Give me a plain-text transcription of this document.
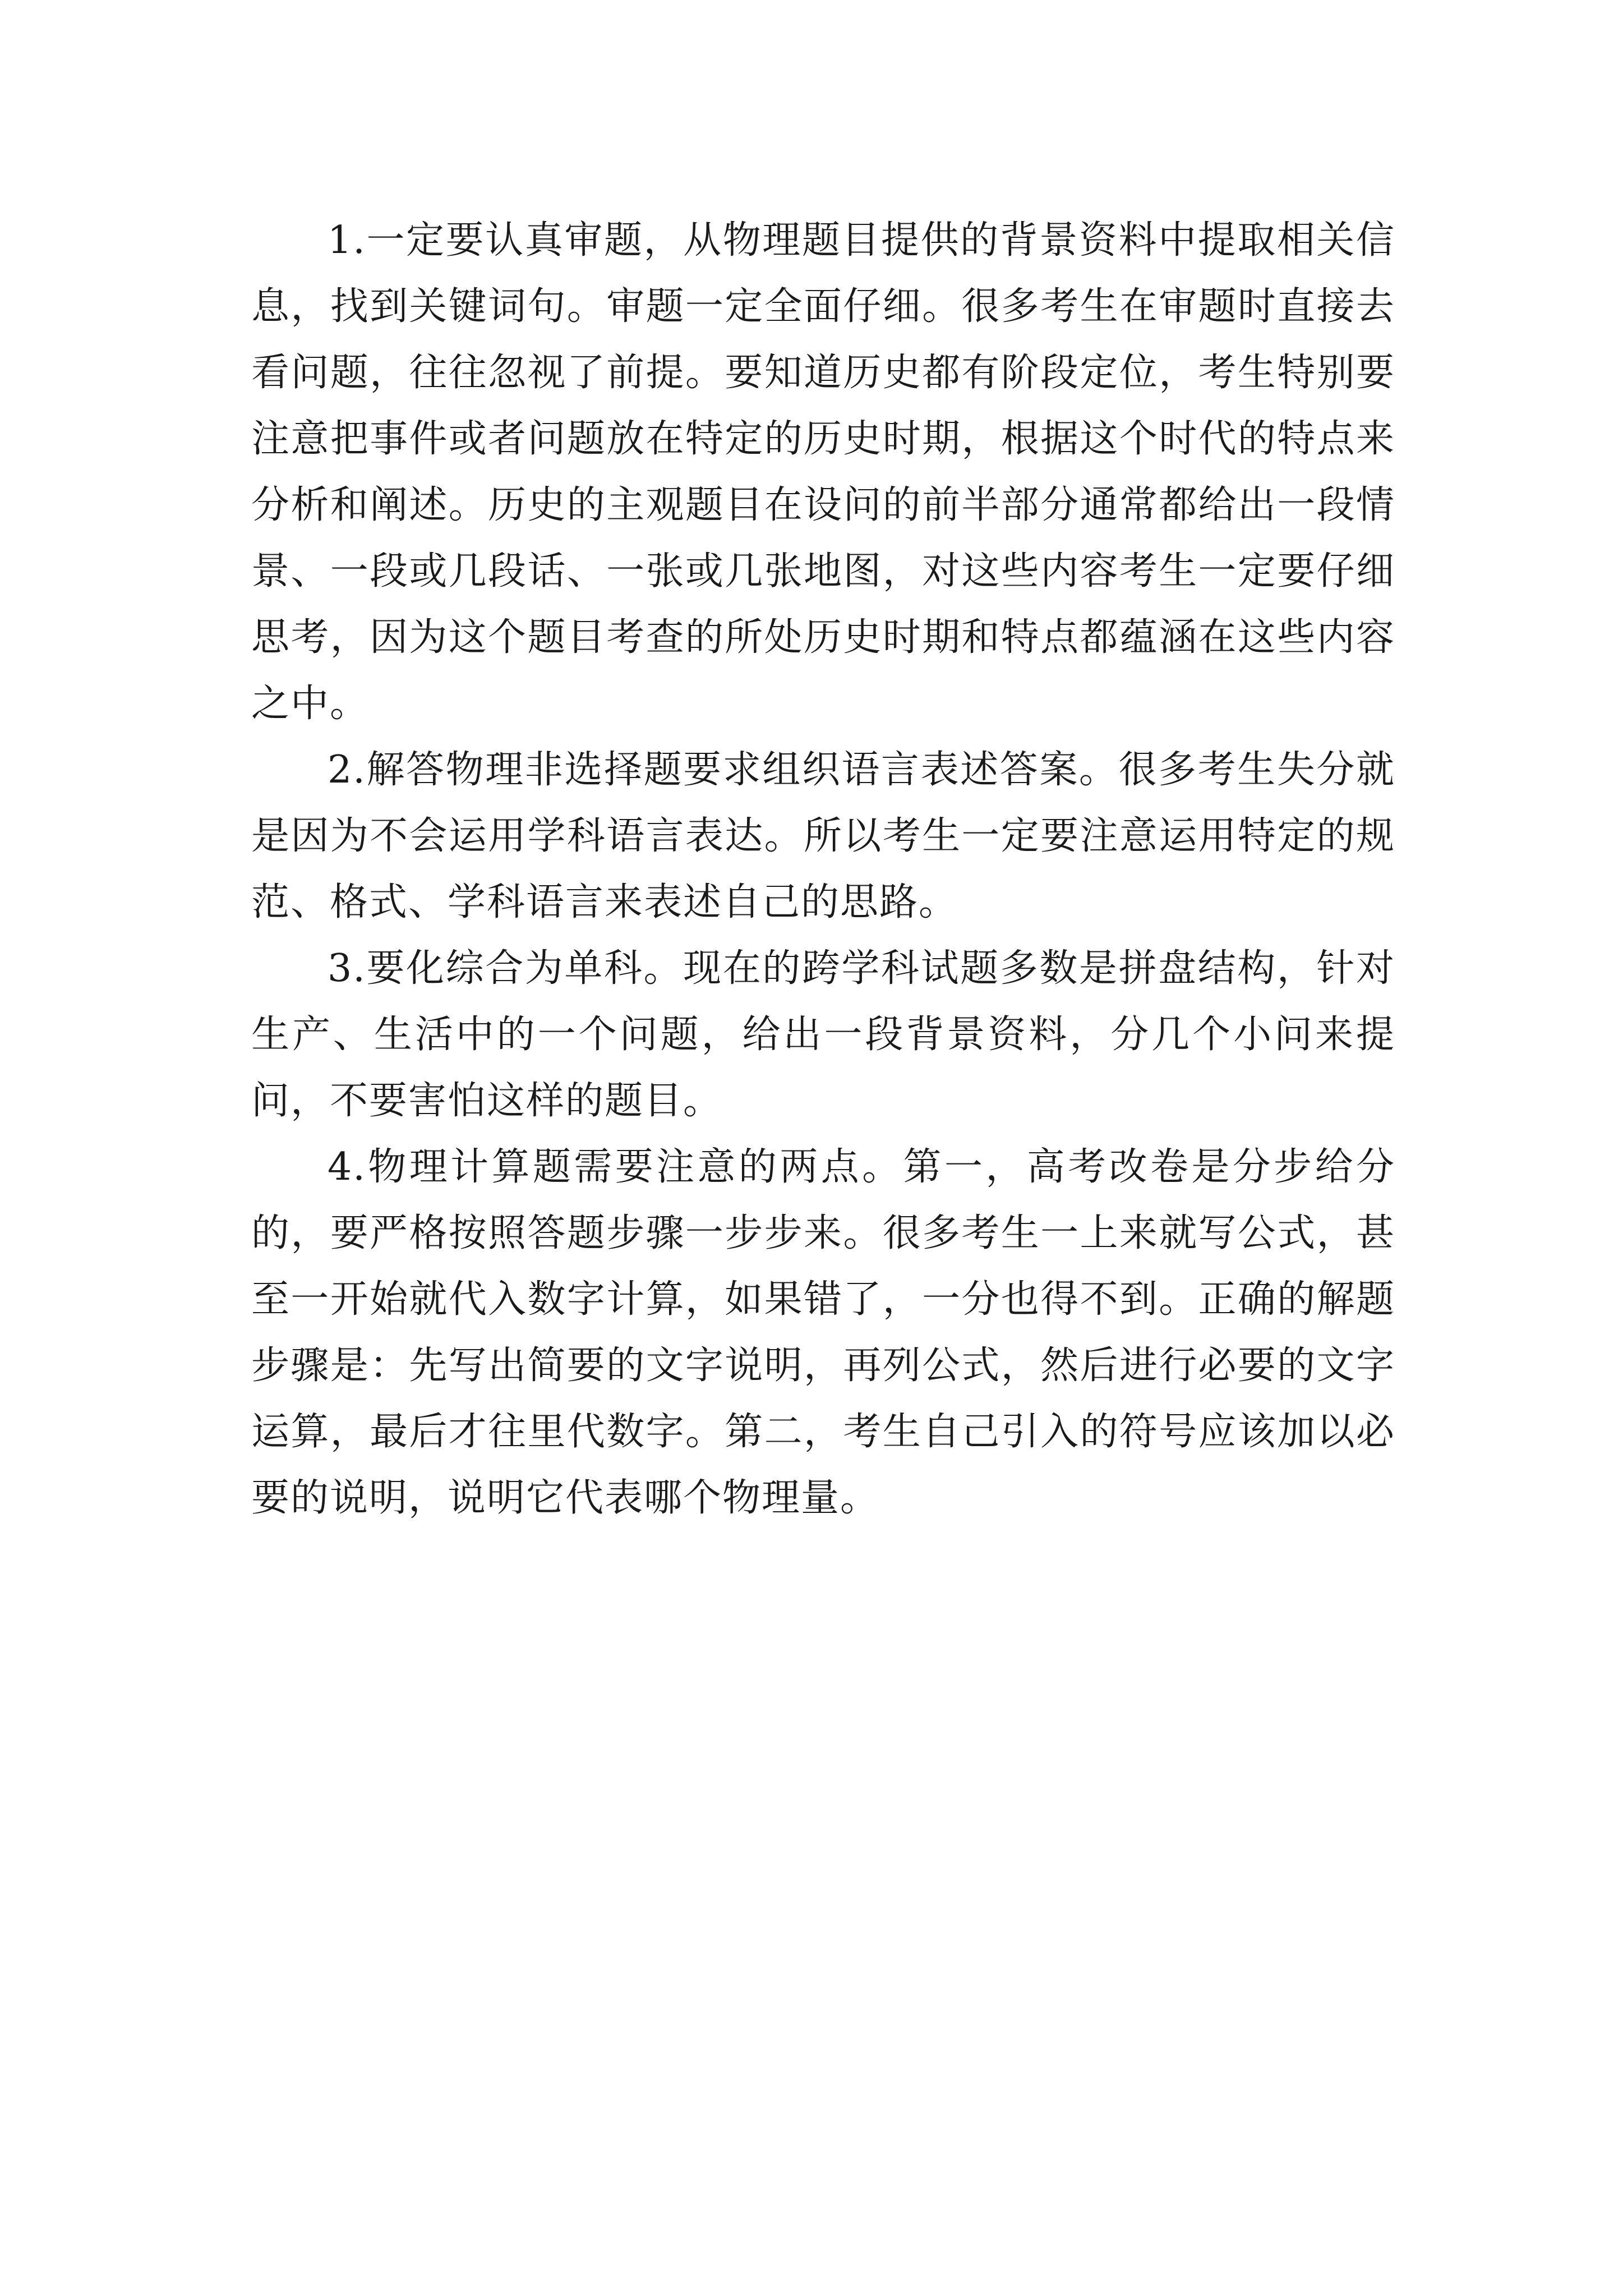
1.一定要认真审题，从物理题目提供的背景资料中提取相关信息，找到关键词句。审题一定全面仔细。很多考生在审题时直接去看问题，往往忽视了前提。要知道历史都有阶段定位，考生特别要注意把事件或者问题放在特定的历史时期，根据这个时代的特点来分析和阐述。历史的主观题目在设问的前半部分通常都给出一段情景、一段或几段话、一张或几张地图，对这些内容考生一定要仔细思考，因为这个题目考查的所处历史时期和特点都蕴涵在这些内容之中。

2.解答物理非选择题要求组织语言表述答案。很多考生失分就是因为不会运用学科语言表达。所以考生一定要注意运用特定的规范、格式、学科语言来表述自己的思路。

3.要化综合为单科。现在的跨学科试题多数是拼盘结构，针对生产、生活中的一个问题，给出一段背景资料，分几个小问来提问，不要害怕这样的题目。

4.物理计算题需要注意的两点。第一，高考改卷是分步给分的，要严格按照答题步骤一步步来。很多考生一上来就写公式，甚至一开始就代入数字计算，如果错了，一分也得不到。正确的解题步骤是：先写出简要的文字说明，再列公式，然后进行必要的文字运算，最后才往里代数字。第二，考生自己引入的符号应该加以必要的说明，说明它代表哪个物理量。
